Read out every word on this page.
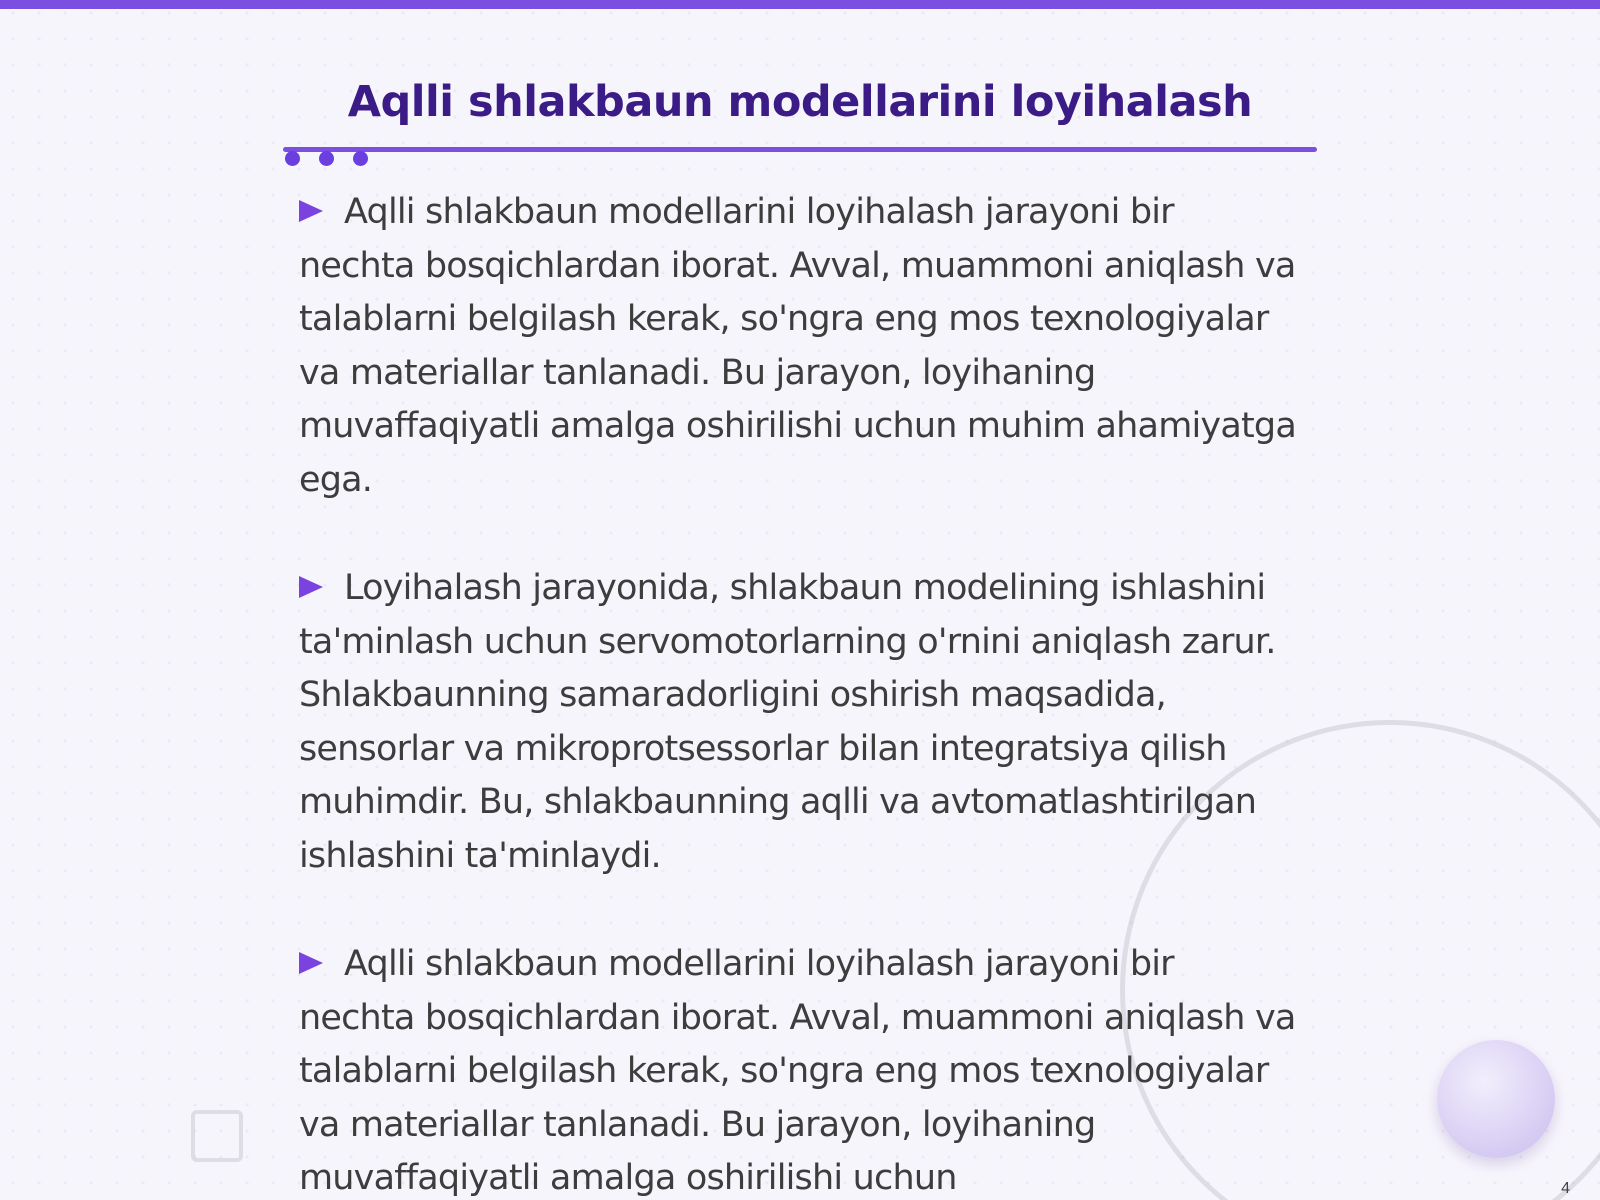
Aqlli shlakbaun modellarini loyihalash

Aqlli shlakbaun modellarini loyihalash jarayoni bir nechta bosqichlardan iborat. Avval, muammoni aniqlash va talablarni belgilash kerak, so'ngra eng mos texnologiyalar va materiallar tanlanadi. Bu jarayon, loyihaning muvaffaqiyatli amalga oshirilishi uchun muhim ahamiyatga ega.

Loyihalash jarayonida, shlakbaun modelining ishlashini ta'minlash uchun servomotorlarning o'rnini aniqlash zarur. Shlakbaunning samaradorligini oshirish maqsadida, sensorlar va mikroprotsessorlar bilan integratsiya qilish muhimdir. Bu, shlakbaunning aqlli va avtomatlashtirilgan ishlashini ta'minlaydi.

Aqlli shlakbaun modellarini loyihalash jarayoni bir nechta bosqichlardan iborat. Avval, muammoni aniqlash va talablarni belgilash kerak, so'ngra eng mos texnologiyalar va materiallar tanlanadi. Bu jarayon, loyihaning muvaffaqiyatli amalga oshirilishi uchun	4
